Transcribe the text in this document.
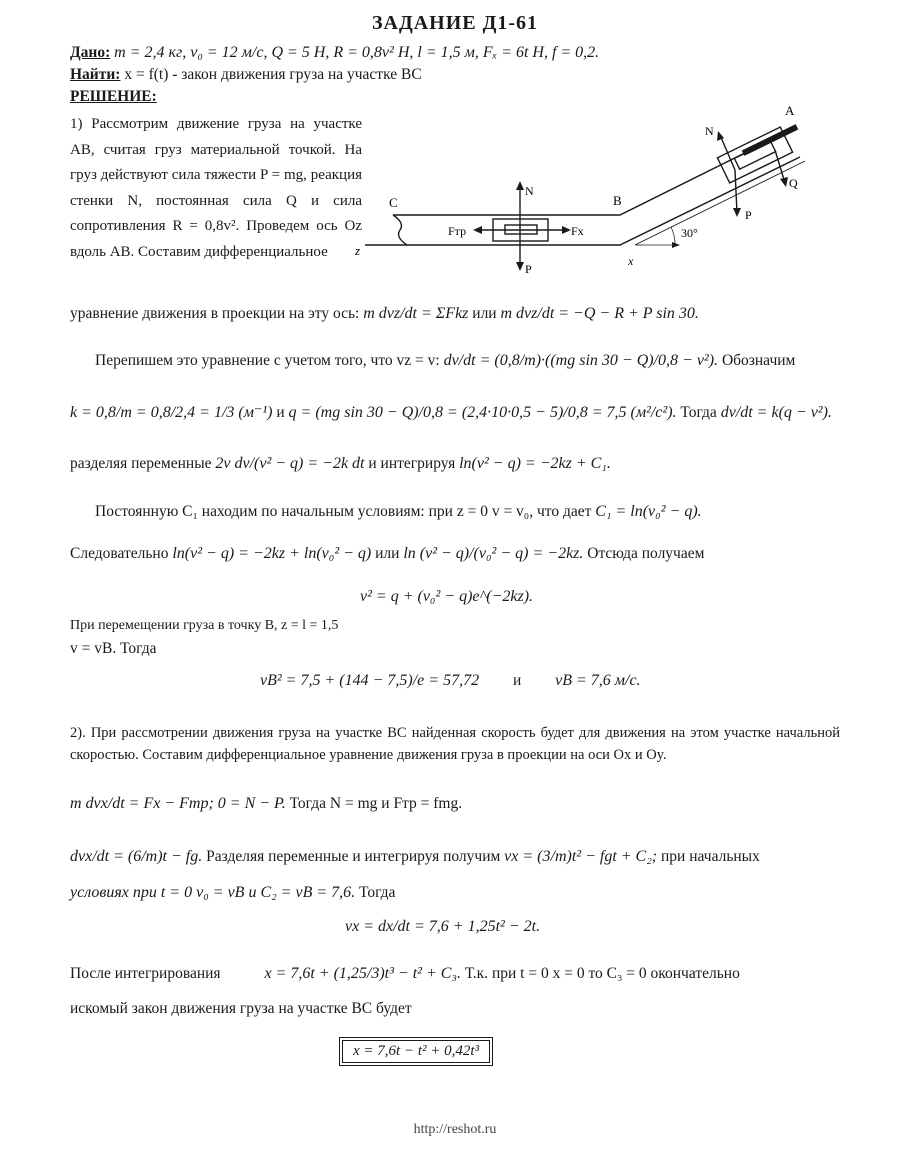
ЗАДАНИЕ Д1-61
Дано: m = 2,4 кг, v₀ = 12 м/с, Q = 5 Н, R = 0,8v² Н, l = 1,5 м, Fₓ = 6t Н, f = 0,2.
Найти: x = f(t) - закон движения груза на участке ВС
РЕШЕНИЕ:
1) Рассмотрим движение груза на участке АВ, считая груз материальной точкой. На груз действуют сила тяжести P = mg, реакция стенки N, постоянная сила Q и сила сопротивления R = 0,8v². Проведем ось Oz вдоль АВ. Составим дифференциальное
C
z
B
A
N
P
Fтр	Fx
N
P
Q
30°
x
уравнение движения в проекции на эту ось: m dvz/dt = ΣFkz или m dvz/dt = −Q − R + P sin 30.
Перепишем это уравнение с учетом того, что vz = v: dv/dt = (0,8/m)·((mg sin 30 − Q)/0,8 − v²). Обозначим
k = 0,8/m = 0,8/2,4 = 1/3 (м⁻¹) и q = (mg sin 30 − Q)/0,8 = (2,4·10·0,5 − 5)/0,8 = 7,5 (м²/с²). Тогда dv/dt = k(q − v²).
разделяя переменные 2v dv/(v² − q) = −2k dt и интегрируя ln(v² − q) = −2kz + C₁.
Постоянную C₁ находим по начальным условиям: при z = 0 v = v₀, что дает C₁ = ln(v₀² − q).
Следовательно ln(v² − q) = −2kz + ln(v₀² − q) или ln (v² − q)/(v₀² − q) = −2kz. Отсюда получаем
v² = q + (v₀² − q)e^(−2kz).
При перемещении груза в точку B, z = l = 1,5
v = vB. Тогда
vB² = 7,5 + (144 − 7,5)/e = 57,72 и vB = 7,6 м/с.
2). При рассмотрении движения груза на участке ВС найденная скорость будет для движения на этом участке начальной скоростью. Составим дифференциальное уравнение движения груза в проекции на оси Ox и Oy.
m dvx/dt = Fx − Fтр; 0 = N − P. Тогда N = mg и Fтр = fmg.
dvx/dt = (6/m)t − fg. Разделяя переменные и интегрируя получим vx = (3/m)t² − fgt + C₂; при начальных
условиях при t = 0 v₀ = vB и C₂ = vB = 7,6. Тогда
vx = dx/dt = 7,6 + 1,25t² − 2t.
После интегрирования	x = 7,6t + (1,25/3)t³ − t² + C₃. Т.к. при t = 0 x = 0 то C₃ = 0 окончательно
искомый закон движения груза на участке ВС будет
x = 7,6t − t² + 0,42t³
http://reshot.ru
